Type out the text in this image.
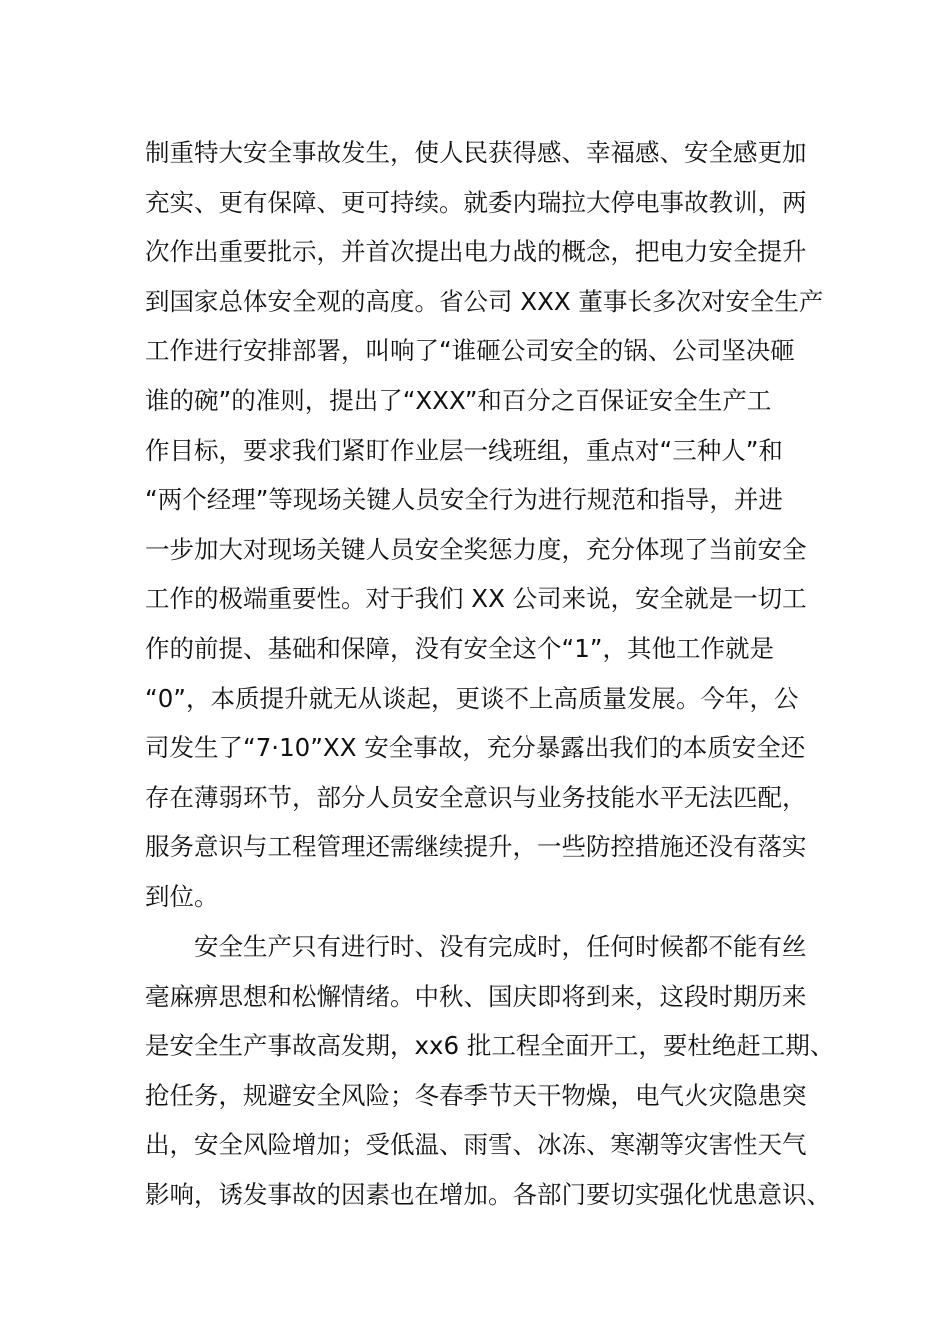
制重特大安全事故发生，使人民获得感、幸福感、安全感更加
充实、更有保障、更可持续。就委内瑞拉大停电事故教训，两
次作出重要批示，并首次提出电力战的概念，把电力安全提升
到国家总体安全观的高度。省公司 XXX 董事长多次对安全生产
工作进行安排部署，叫响了“谁砸公司安全的锅、公司坚决砸
谁的碗”的准则，提出了“XXX”和百分之百保证安全生产工
作目标，要求我们紧盯作业层一线班组，重点对“三种人”和
“两个经理”等现场关键人员安全行为进行规范和指导，并进
一步加大对现场关键人员安全奖惩力度，充分体现了当前安全
工作的极端重要性。对于我们 XX 公司来说，安全就是一切工
作的前提、基础和保障，没有安全这个“1”，其他工作就是
“0”，本质提升就无从谈起，更谈不上高质量发展。今年，公
司发生了“7·10”XX 安全事故，充分暴露出我们的本质安全还
存在薄弱环节，部分人员安全意识与业务技能水平无法匹配，
服务意识与工程管理还需继续提升，一些防控措施还没有落实
到位。
安全生产只有进行时、没有完成时，任何时候都不能有丝
毫麻痹思想和松懈情绪。中秋、国庆即将到来，这段时期历来
是安全生产事故高发期，xx6 批工程全面开工，要杜绝赶工期、
抢任务，规避安全风险；冬春季节天干物燥，电气火灾隐患突
出，安全风险增加；受低温、雨雪、冰冻、寒潮等灾害性天气
影响，诱发事故的因素也在增加。各部门要切实强化忧患意识、
